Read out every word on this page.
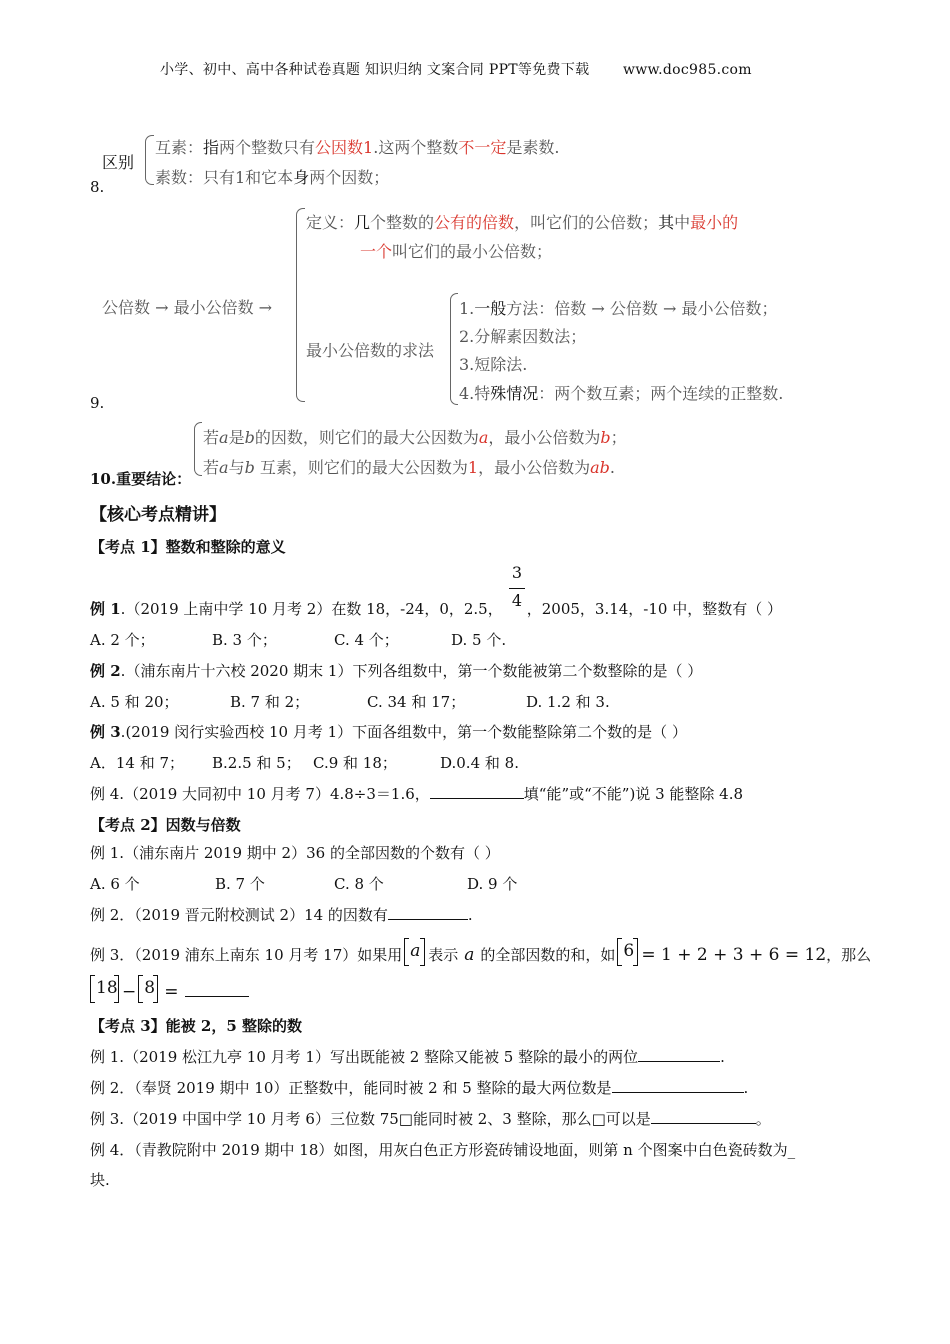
小学、初中、高中各种试卷真题 知识归纳 文案合同 PPT等免费下载 www.doc985.com
区别
互素：指两个整数只有公因数1.这两个整数不一定是素数.
素数：只有1和它本身两个因数；
8.
公倍数 → 最小公倍数 →
定义：几个整数的公有的倍数，叫它们的公倍数；其中最小的
一个叫它们的最小公倍数；
最小公倍数的求法
1.一般方法：倍数 → 公倍数 → 最小公倍数；
2.分解素因数法；
3.短除法.
4.特殊情况：两个数互素；两个连续的正整数.
9.
若a是b的因数，则它们的最大公因数为a，最小公倍数为b；
若a与b 互素，则它们的最大公因数为1，最小公倍数为ab.
10.重要结论：
【核心考点精讲】
【考点 1】整数和整除的意义
例 1.（2019 上南中学 10 月考 2）在数 18，-24，0，2.5， ，2005，3.14，-10 中，整数有（ ）
3
4
A. 2 个；	B. 3 个；	C. 4 个；	D. 5 个.
例 2.（浦东南片十六校 2020 期末 1）下列各组数中，第一个数能被第二个数整除的是（ ）
A. 5 和 20；	B. 7 和 2；	C. 34 和 17；	D. 1.2 和 3.
例 3.(2019 闵行实验西校 10 月考 1）下面各组数中，第一个数能整除第二个数的是（ ）
A．14 和 7； B.2.5 和 5； C.9 和 18；	D.0.4 和 8.
例 4.（2019 大同初中 10 月考 7）4.8÷3＝1.6，	填“能”或“不能”)说 3 能整除 4.8
【考点 2】因数与倍数
例 1.（浦东南片 2019 期中 2）36 的全部因数的个数有（ ）
A. 6 个	B. 7 个	C. 8 个	D. 9 个
例 2．（2019 晋元附校测试 2）14 的因数有	.
例 3．（2019 浦东上南东 10 月考 17）如果用 a 表示 a 的全部因数的和，如 6 = 1 + 2 + 3 + 6 = 12，那么
18 − 8 =
【考点 3】能被 2，5 整除的数
例 1.（2019 松江九亭 10 月考 1）写出既能被 2 整除又能被 5 整除的最小的两位	.
例 2．（奉贤 2019 期中 10）正整数中，能同时被 2 和 5 整除的最大两位数是	.
例 3.（2019 中国中学 10 月考 6）三位数 75□能同时被 2、3 整除，那么□可以是	。
例 4．（青教院附中 2019 期中 18）如图，用灰白色正方形瓷砖铺设地面，则第 n 个图案中白色瓷砖数为_
块.
